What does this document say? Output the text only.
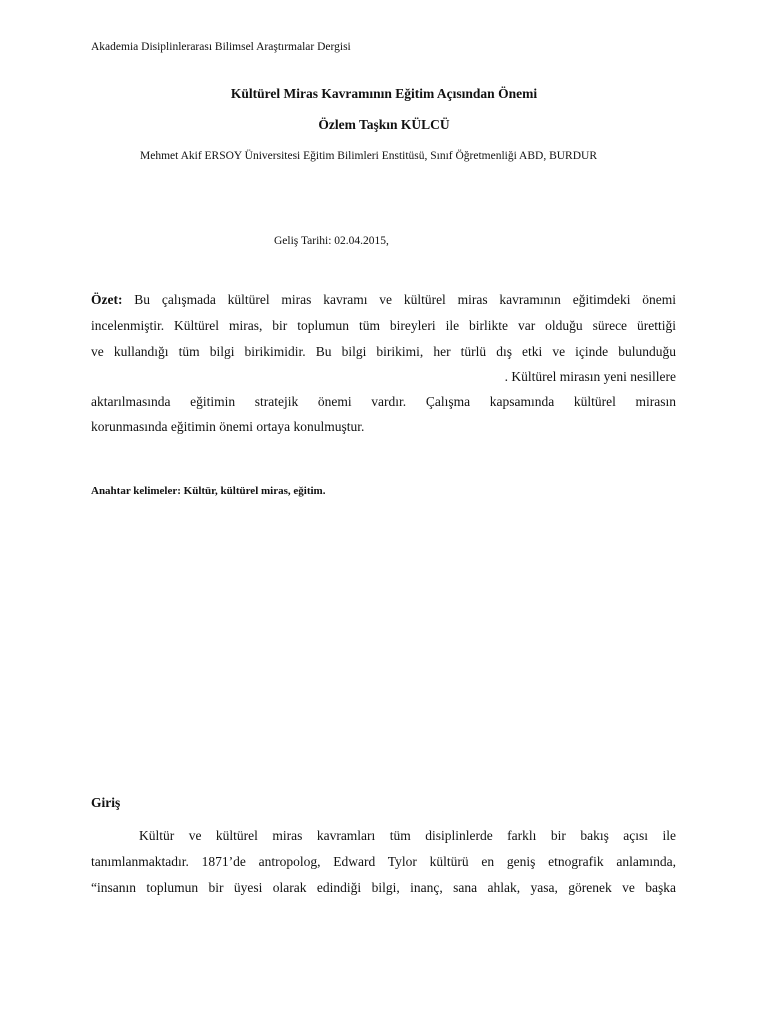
Akademia Disiplinlerarası Bilimsel Araştırmalar Dergisi
Kültürel Miras Kavramının Eğitim Açısından Önemi
Özlem Taşkın KÜLCÜ
Mehmet Akif ERSOY Üniversitesi Eğitim Bilimleri Enstitüsü, Sınıf Öğretmenliği ABD, BURDUR
Geliş Tarihi: 02.04.2015,
Özet: Bu çalışmada kültürel miras kavramı ve kültürel miras kavramının eğitimdeki önemi
incelenmiştir. Kültürel miras, bir toplumun tüm bireyleri ile birlikte var olduğu sürece ürettiği
ve kullandığı tüm bilgi birikimidir. Bu bilgi birikimi, her türlü dış etki ve içinde bulunduğu
. Kültürel mirasın yeni nesillere
aktarılmasında eğitimin stratejik önemi vardır. Çalışma kapsamında kültürel mirasın
korunmasında eğitimin önemi ortaya konulmuştur.
Anahtar kelimeler: Kültür, kültürel miras, eğitim.
Giriş
Kültür ve kültürel miras kavramları tüm disiplinlerde farklı bir bakış açısı ile
tanımlanmaktadır. 1871’de antropolog, Edward Tylor kültürü en geniş etnografik anlamında,
“insanın toplumun bir üyesi olarak edindiği bilgi, inanç, sana ahlak, yasa, görenek ve başka
